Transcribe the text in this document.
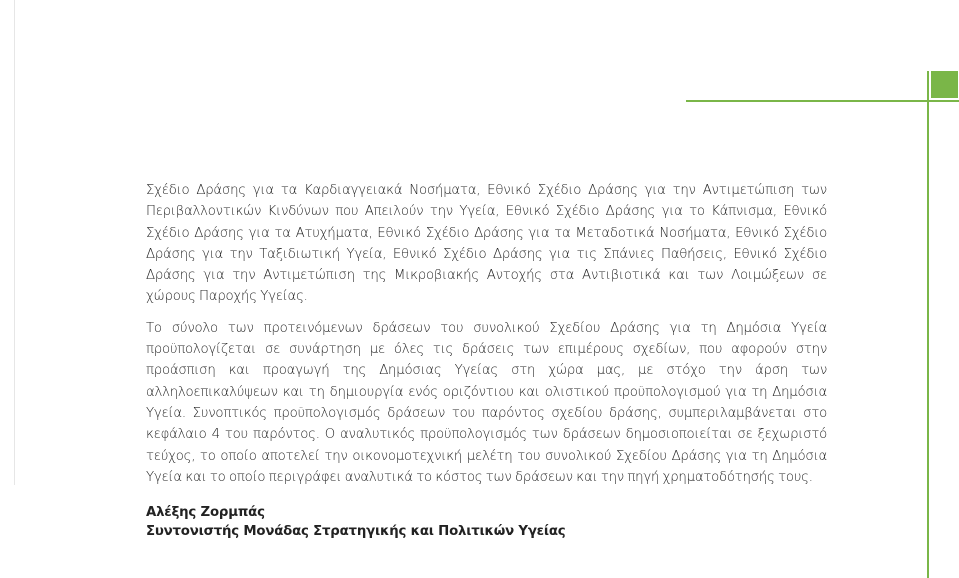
Σχέδιο Δράσης για τα Καρδιαγγειακά Νοσήματα, Εθνικό Σχέδιο Δράσης για την Αντιμετώπιση των Περιβαλλοντικών Κινδύνων που Απειλούν την Υγεία, Εθνικό Σχέδιο Δράσης για το Κάπνισμα, Εθνικό Σχέδιο Δράσης για τα Ατυχήματα, Εθνικό Σχέδιο Δράσης για τα Μεταδοτικά Νοσήματα, Εθνικό Σχέδιο Δράσης για την Ταξιδιωτική Υγεία, Εθνικό Σχέδιο Δράσης για τις Σπάνιες Παθήσεις, Εθνικό Σχέδιο Δράσης για την Αντιμετώπιση της Μικροβιακής Αντοχής στα Αντιβιοτικά και των Λοιμώξεων σε χώρους Παροχής Υγείας.

Το σύνολο των προτεινόμενων δράσεων του συνολικού Σχεδίου Δράσης για τη Δημόσια Υγεία προϋπολογίζεται σε συνάρτηση με όλες τις δράσεις των επιμέρους σχεδίων, που αφορούν στην προάσπιση και προαγωγή της Δημόσιας Υγείας στη χώρα μας, με στόχο την άρση των αλληλοεπικαλύψεων και τη δημιουργία ενός οριζόντιου και ολιστικού προϋπολογισμού για τη Δημόσια Υγεία. Συνοπτικός προϋπολογισμός δράσεων του παρόντος σχεδίου δράσης, συμπεριλαμβάνεται στο κεφάλαιο 4 του παρόντος. Ο αναλυτικός προϋπολογισμός των δράσεων δημοσιοποιείται σε ξεχωριστό τεύχος, το οποίο αποτελεί την οικονομοτεχνική μελέτη του συνολικού Σχεδίου Δράσης για τη Δημόσια Υγεία και το οποίο περιγράφει αναλυτικά το κόστος των δράσεων και την πηγή χρηματοδότησής τους.

Αλέξης Ζορμπάς
Συντονιστής Μονάδας Στρατηγικής και Πολιτικών Υγείας
